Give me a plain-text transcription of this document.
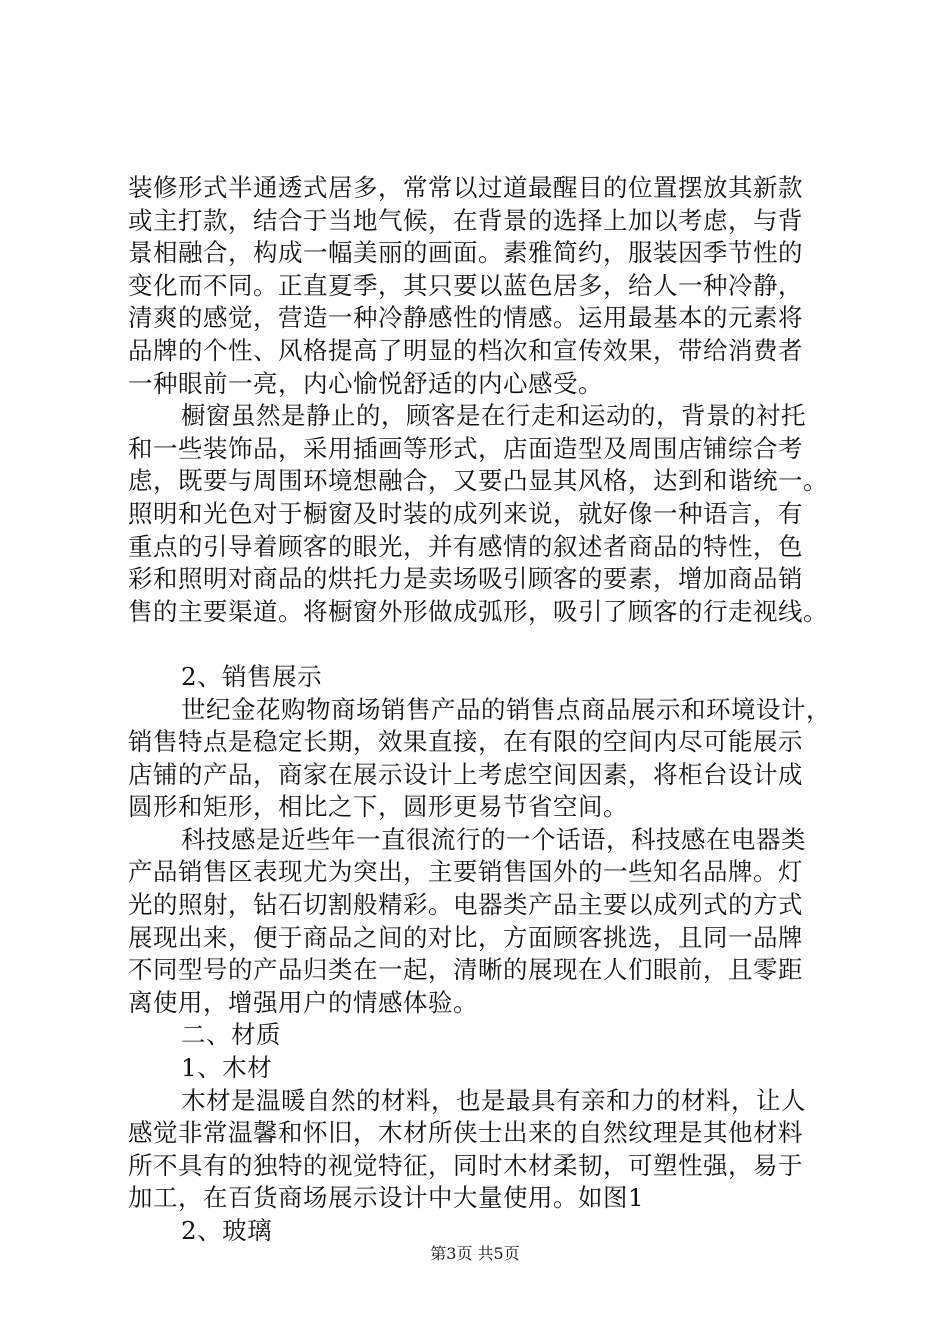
装修形式半通透式居多，常常以过道最醒目的位置摆放其新款
或主打款，结合于当地气候，在背景的选择上加以考虑，与背
景相融合，构成一幅美丽的画面。素雅简约，服装因季节性的
变化而不同。正直夏季，其只要以蓝色居多，给人一种冷静，
清爽的感觉，营造一种冷静感性的情感。运用最基本的元素将
品牌的个性、风格提高了明显的档次和宣传效果，带给消费者
一种眼前一亮，内心愉悦舒适的内心感受。
橱窗虽然是静止的，顾客是在行走和运动的，背景的衬托
和一些装饰品，采用插画等形式，店面造型及周围店铺综合考
虑，既要与周围环境想融合，又要凸显其风格，达到和谐统一。
照明和光色对于橱窗及时装的成列来说，就好像一种语言，有
重点的引导着顾客的眼光，并有感情的叙述者商品的特性，色
彩和照明对商品的烘托力是卖场吸引顾客的要素，增加商品销
售的主要渠道。将橱窗外形做成弧形，吸引了顾客的行走视线。
2、销售展示
世纪金花购物商场销售产品的销售点商品展示和环境设计，
销售特点是稳定长期，效果直接，在有限的空间内尽可能展示
店铺的产品，商家在展示设计上考虑空间因素，将柜台设计成
圆形和矩形，相比之下，圆形更易节省空间。
科技感是近些年一直很流行的一个话语，科技感在电器类
产品销售区表现尤为突出，主要销售国外的一些知名品牌。灯
光的照射，钻石切割般精彩。电器类产品主要以成列式的方式
展现出来，便于商品之间的对比，方面顾客挑选，且同一品牌
不同型号的产品归类在一起，清晰的展现在人们眼前，且零距
离使用，增强用户的情感体验。
二、材质
1、木材
木材是温暖自然的材料，也是最具有亲和力的材料，让人
感觉非常温馨和怀旧，木材所侠士出来的自然纹理是其他材料
所不具有的独特的视觉特征，同时木材柔韧，可塑性强，易于
加工，在百货商场展示设计中大量使用。如图1
2、玻璃
第3页 共5页
